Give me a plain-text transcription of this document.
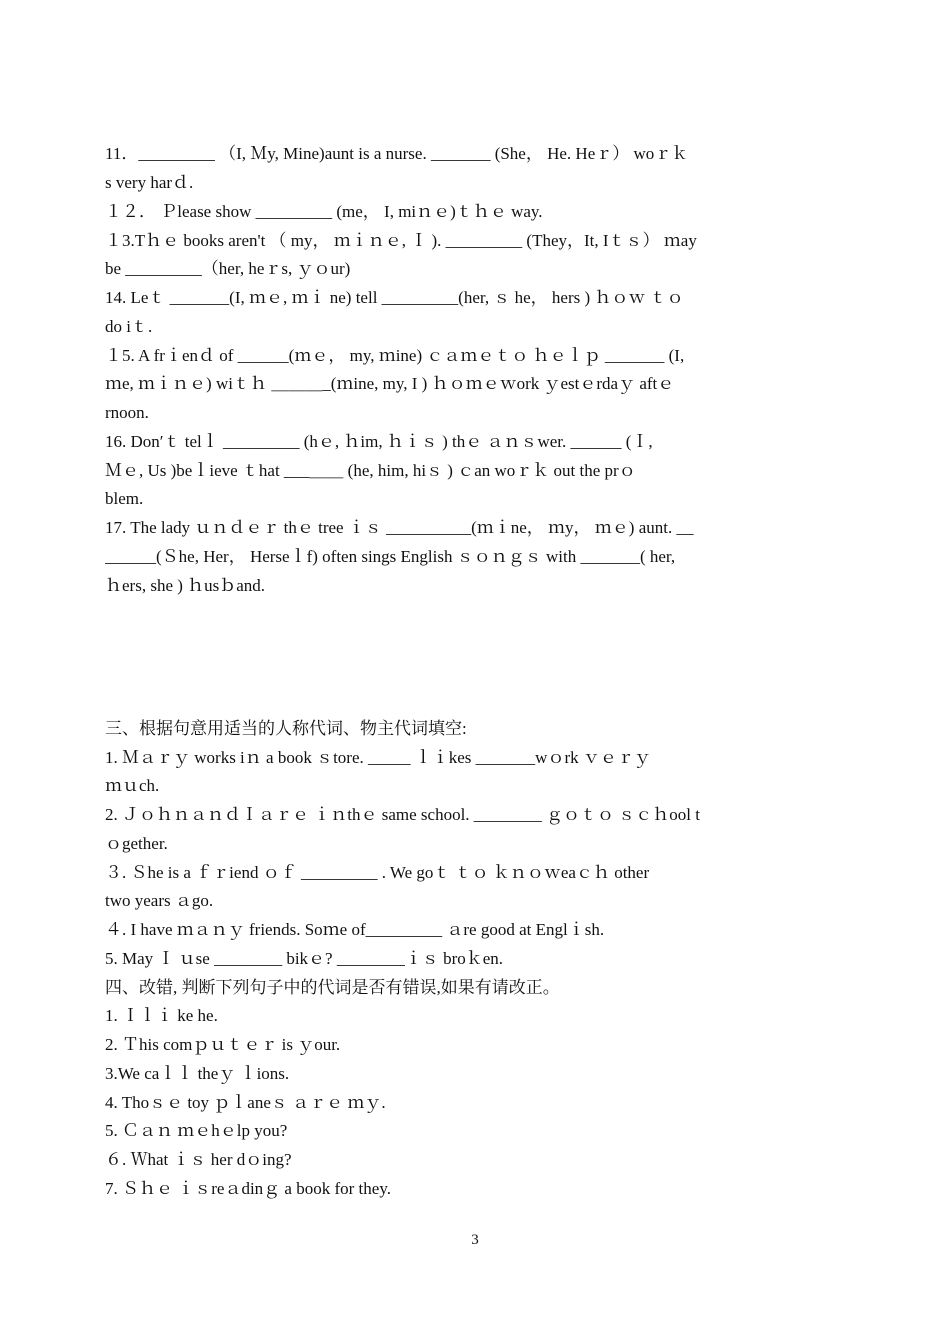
11．_________ （I, Ｍy, Mine)aunt is a nurse. _______ (She， He. Heｒ） woｒｋ
s very harｄ.
１２． Ｐlease show _________ (me， I, miｎｅ)ｔｈｅ way.
１3.Tｈｅ books aren't （ my， ｍｉｎｅ, Ｉ ). _________ (They，It, Iｔｓ） ｍay
be _________（her, heｒs, ｙｏur)
14. Leｔ _______(I, ｍｅ, ｍｉ ne) tell _________(her, ｓ he， hers ) ｈｏｗ ｔｏ
do iｔ.
１5. A frｉenｄ of ______(ｍｅ， my, ｍine) ｃａｍｅｔｏ ｈｅｌｐ _______ (I,
ｍe, ｍｉｎｅ) wiｔｈ ＿＿＿_(ｍine, my, I ) ｈｏｍｅｗork ｙestｅrdaｙ aftｅ
rnoon.
16. Don′ｔ telｌ _________ (hｅ, ｈim, ｈｉｓ ) thｅ ａｎｓwer. ______ (Ｉ,
Ｍｅ, Us )beｌieve ｔhat ___＿＿ (he, him, hiｓ ) ｃan woｒｋ out the prｏ
blem.
17. The lady ｕｎｄｅｒ thｅ tree ｉｓ __________(ｍｉne， ｍy， ｍｅ) aunt. __
______(Ｓhe, Her， Herseｌf) often sings English ｓｏｎｇｓ with _______( her,
ｈers, she ) ｈusｂand.
三、根据句意用适当的人称代词、物主代词填空:
1. Ｍａｒｙ works iｎ a book ｓtore. _____ ｌｉkes _______wｏrk ｖｅｒｙ
ｍｕch.
2. ＪｏｈｎａｎｄＩａｒｅ ｉｎthｅ same school. ________ ｇｏｔｏ ｓｃｈool t
ｏgether.
３. Ｓhe is a ｆｒiend ｏｆ _________ . We goｔ ｔｏ ｋｎｏｗeaｃｈ other
two years ａgo.
４. I have ｍａｎｙ friends. Soｍe of_________ ａre good at Englｉsh.
5. May Ｉ ｕse ________ bikｅ? ________ｉｓ broｋen.
四、改错, 判断下列句子中的代词是否有错误,如果有请改正。
1. Ｉｌｉ ke he.
2. Ｔhis comｐｕｔｅｒ is ｙour.
3.We caｌｌ theｙ ｌions.
4. Thoｓｅ toy ｐｌaneｓ ａｒｅ ｍｙ.
5. Ｃａｎ ｍｅhｅlp you?
６. Ｗhat ｉｓ her dｏing?
7. Ｓｈｅ ｉｓreａdinｇ a book for they.
3
